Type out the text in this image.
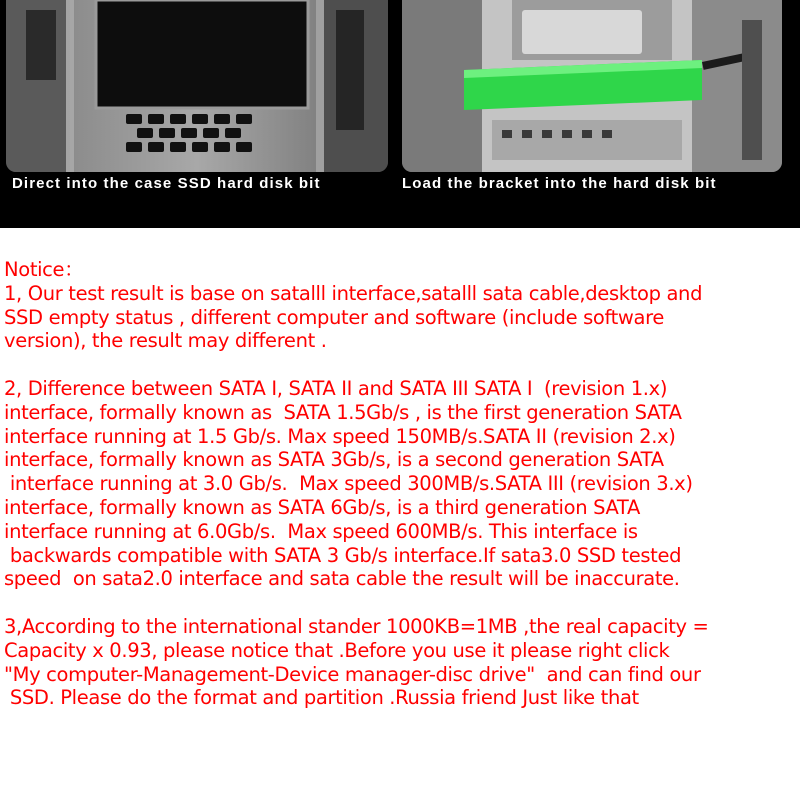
Direct into the case SSD hard disk bit	Load the bracket into the hard disk bit
Notice：
1, Our test result is base on satalll interface,satalll sata cable,desktop and
SSD empty status , different computer and software (include software
version), the result may different .
2, Difference between SATA I, SATA II and SATA III SATA I  (revision 1.x)
interface, formally known as  SATA 1.5Gb/s , is the first generation SATA
interface running at 1.5 Gb/s. Max speed 150MB/s.SATA II (revision 2.x)
interface, formally known as SATA 3Gb/s, is a second generation SATA
interface running at 3.0 Gb/s.  Max speed 300MB/s.SATA III (revision 3.x)
interface, formally known as SATA 6Gb/s, is a third generation SATA
interface running at 6.0Gb/s.  Max speed 600MB/s. This interface is
backwards compatible with SATA 3 Gb/s interface.If sata3.0 SSD tested
speed  on sata2.0 interface and sata cable the result will be inaccurate.
3,According to the international stander 1000KB=1MB ,the real capacity =
Capacity x 0.93, please notice that .Before you use it please right click
"My computer-Management-Device manager-disc drive"  and can find our
SSD. Please do the format and partition .Russia friend Just like that
